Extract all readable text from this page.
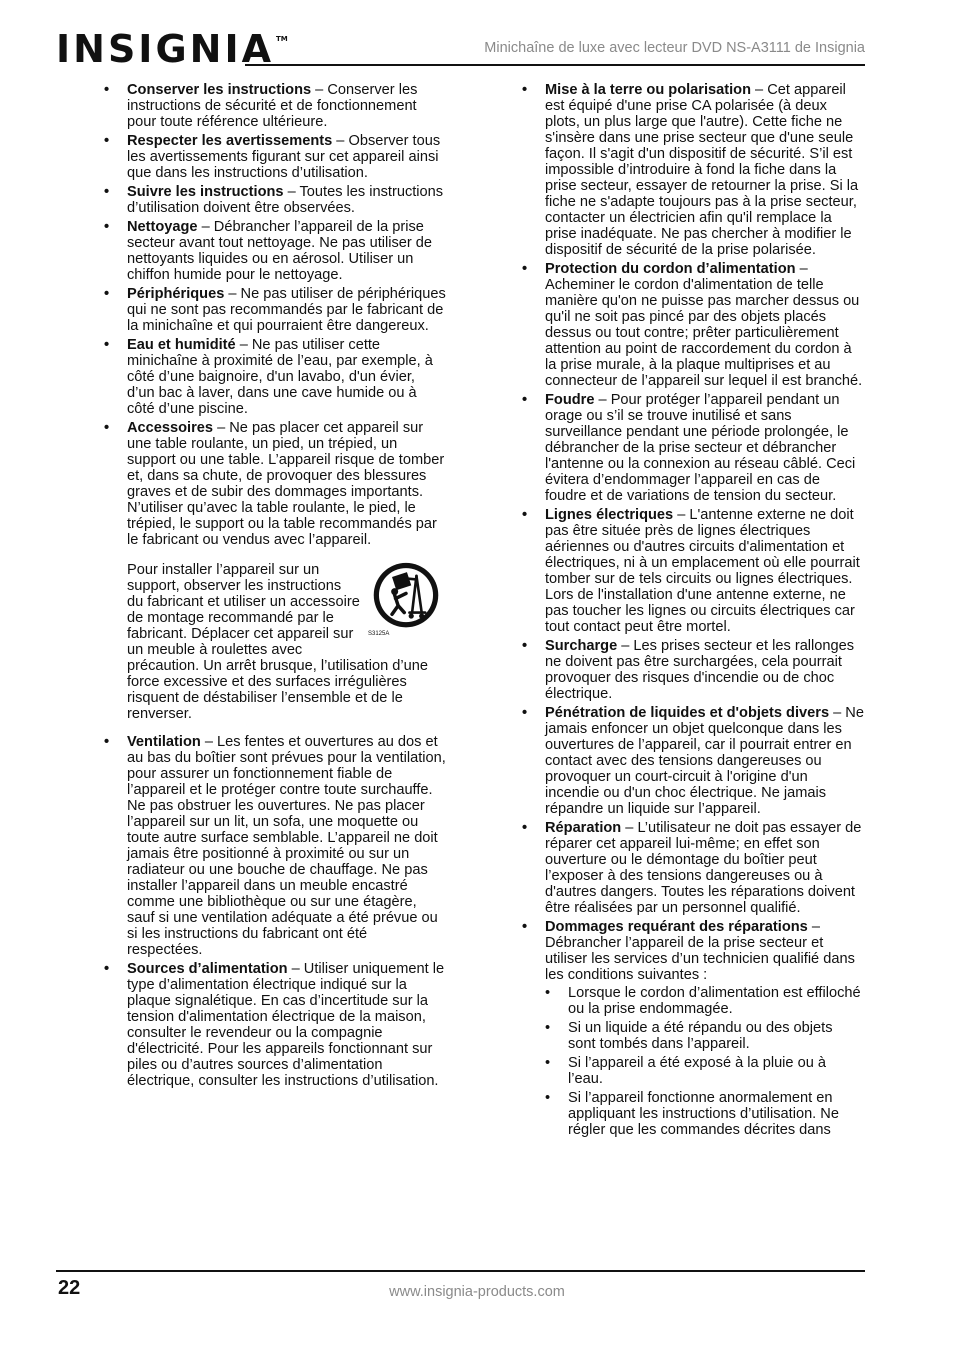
INSIGNIA ™
Minichaîne de luxe avec lecteur DVD NS-A3111 de Insignia
• Conserver les instructions – Conserver les instructions de sécurité et de fonctionnement pour toute référence ultérieure.
• Respecter les avertissements – Observer tous les avertissements figurant sur cet appareil ainsi que dans les instructions d’utilisation.
• Suivre les instructions – Toutes les instructions d’utilisation doivent être observées.
• Nettoyage – Débrancher l’appareil de la prise secteur avant tout nettoyage. Ne pas utiliser de nettoyants liquides ou en aérosol. Utiliser un chiffon humide pour le nettoyage.
• Périphériques – Ne pas utiliser de périphériques qui ne sont pas recommandés par le fabricant de la minichaîne et qui pourraient être dangereux.
• Eau et humidité – Ne pas utiliser cette minichaîne à proximité de l’eau, par exemple, à côté d’une baignoire, d'un lavabo, d'un évier, d’un bac à laver, dans une cave humide ou à côté d’une piscine.
• Accessoires – Ne pas placer cet appareil sur une table roulante, un pied, un trépied, un support ou une table. L’appareil risque de tomber et, dans sa chute, de provoquer des blessures graves et de subir des dommages importants. N’utiliser qu’avec la table roulante, le pied, le trépied, le support ou la table recommandés par le fabricant ou vendus avec l’appareil.
S3125A
Pour installer l’appareil sur un support, observer les instructions du fabricant et utiliser un accessoire de montage recommandé par le fabricant. Déplacer cet appareil sur un meuble à roulettes avec précaution. Un arrêt brusque, l’utilisation d’une force excessive et des surfaces irrégulières risquent de déstabiliser l’ensemble et de le renverser.
• Ventilation – Les fentes et ouvertures au dos et au bas du boîtier sont prévues pour la ventilation, pour assurer un fonctionnement fiable de l’appareil et le protéger contre toute surchauffe. Ne pas obstruer les ouvertures. Ne pas placer l’appareil sur un lit, un sofa, une moquette ou toute autre surface semblable. L’appareil ne doit jamais être positionné à proximité ou sur un radiateur ou une bouche de chauffage. Ne pas installer l’appareil dans un meuble encastré comme une bibliothèque ou sur une étagère, sauf si une ventilation adéquate a été prévue ou si les instructions du fabricant ont été respectées.
• Sources d’alimentation – Utiliser uniquement le type d’alimentation électrique indiqué sur la plaque signalétique. En cas d’incertitude sur la tension d'alimentation électrique de la maison, consulter le revendeur ou la compagnie d'électricité. Pour les appareils fonctionnant sur piles ou d’autres sources d’alimentation électrique, consulter les instructions d’utilisation.
• Mise à la terre ou polarisation – Cet appareil est équipé d'une prise CA polarisée (à deux plots, un plus large que l'autre). Cette fiche ne s'insère dans une prise secteur que d'une seule façon. Il s'agit d'un dispositif de sécurité. S’il est impossible d’introduire à fond la fiche dans la prise secteur, essayer de retourner la prise. Si la fiche ne s'adapte toujours pas à la prise secteur, contacter un électricien afin qu'il remplace la prise inadéquate. Ne pas chercher à modifier le dispositif de sécurité de la prise polarisée.
• Protection du cordon d’alimentation – Acheminer le cordon d'alimentation de telle manière qu'on ne puisse pas marcher dessus ou qu'il ne soit pas pincé par des objets placés dessus ou tout contre; prêter particulièrement attention au point de raccordement du cordon à la prise murale, à la plaque multiprises et au connecteur de l’appareil sur lequel il est branché.
• Foudre – Pour protéger l’appareil pendant un orage ou s’il se trouve inutilisé et sans surveillance pendant une période prolongée, le débrancher de la prise secteur et débrancher l'antenne ou la connexion au réseau câblé. Ceci évitera d’endommager l’appareil en cas de foudre et de variations de tension du secteur.
• Lignes électriques – L'antenne externe ne doit pas être située près de lignes électriques aériennes ou d'autres circuits d'alimentation et électriques, ni à un emplacement où elle pourrait tomber sur de tels circuits ou lignes électriques. Lors de l'installation d'une antenne externe, ne pas toucher les lignes ou circuits électriques car tout contact peut être mortel.
• Surcharge – Les prises secteur et les rallonges ne doivent pas être surchargées, cela pourrait provoquer des risques d'incendie ou de choc électrique.
• Pénétration de liquides et d'objets divers – Ne jamais enfoncer un objet quelconque dans les ouvertures de l’appareil, car il pourrait entrer en contact avec des tensions dangereuses ou provoquer un court-circuit à l'origine d'un incendie ou d'un choc électrique. Ne jamais répandre un liquide sur l’appareil.
• Réparation – L’utilisateur ne doit pas essayer de réparer cet appareil lui-même; en effet son ouverture ou le démontage du boîtier peut l’exposer à des tensions dangereuses ou à d'autres dangers. Toutes les réparations doivent être réalisées par un personnel qualifié.
• Dommages requérant des réparations – Débrancher l’appareil de la prise secteur et utiliser les services d’un technicien qualifié dans les conditions suivantes :
• Lorsque le cordon d’alimentation est effiloché ou la prise endommagée.
• Si un liquide a été répandu ou des objets sont tombés dans l’appareil.
• Si l’appareil a été exposé à la pluie ou à l’eau.
• Si l’appareil fonctionne anormalement en appliquant les instructions d’utilisation. Ne régler que les commandes décrites dans
22	www.insignia-products.com
